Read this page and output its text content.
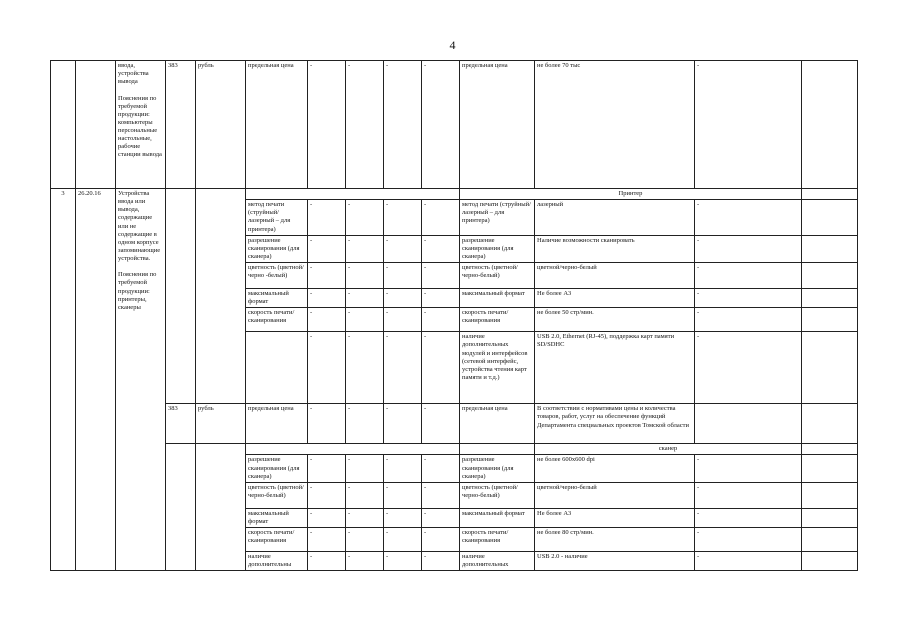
4
		ввода, устройства вывода

Пояснения по требуемой продукции: компьютеры персональные настольные, рабочие станции вывода	383	рубль	предельная цена	-	-	-	-	предельная цена	не более 70 тыс	-	
3	26.20.16	Устройства ввода или вывода, содержащие или не содержащие в одном корпусе запоминающие устройства.

Пояснения по требуемой продукции: принтеры, сканеры								Принтер			
					метод печати (струйный/ лазерный – для принтера)	-	-	-	-	метод печати (струйный/ лазерный – для принтера)	лазерный	-	
					разрешение сканирования (для сканера)	-	-	-	-	разрешение сканирования (для сканера)	Наличие возможности сканировать	-	
					цветность (цветной/черно -белый)	-	-	-	-	цветность (цветной/черно-белый)	цветной/черно-белый	-	
					максимальный формат	-	-	-	-	максимальный формат	Не более А3	-	
					скорость печати/ сканирования	-	-	-	-	скорость печати/ сканирования	не более 50 стр/мин.	-	
						-	-	-	-	наличие дополнительных модулей и интерфейсов (сетевой интерфейс, устройства чтения карт памяти и т.д.)	USB 2.0, Ethernet (RJ-45), поддержка карт памяти SD/SDHC	-	
			383	рубль	предельная цена	-	-	-	-	предельная цена	В соответствии с нормативами цены и количества товаров, работ, услуг на обеспечение функций Департамента специальных проектов Томской области		
											сканер		
					разрешение сканирования (для сканера)	-	-	-	-	разрешение сканирования (для сканера)	не более 600х600 dpi	-	
					цветность (цветной/ черно-белый)	-	-	-	-	цветность (цветной/ черно-белый)	цветной/черно-белый	-	
					максимальный формат	-	-	-	-	максимальный формат	Не более А3	-	
					скорость печати/ сканирования	-	-	-	-	скорость печати/ сканирования	не более 80 стр/мин.	-	
					наличие дополнительны	-	-	-	-	наличие дополнительных	USB 2.0 - наличие	-	
